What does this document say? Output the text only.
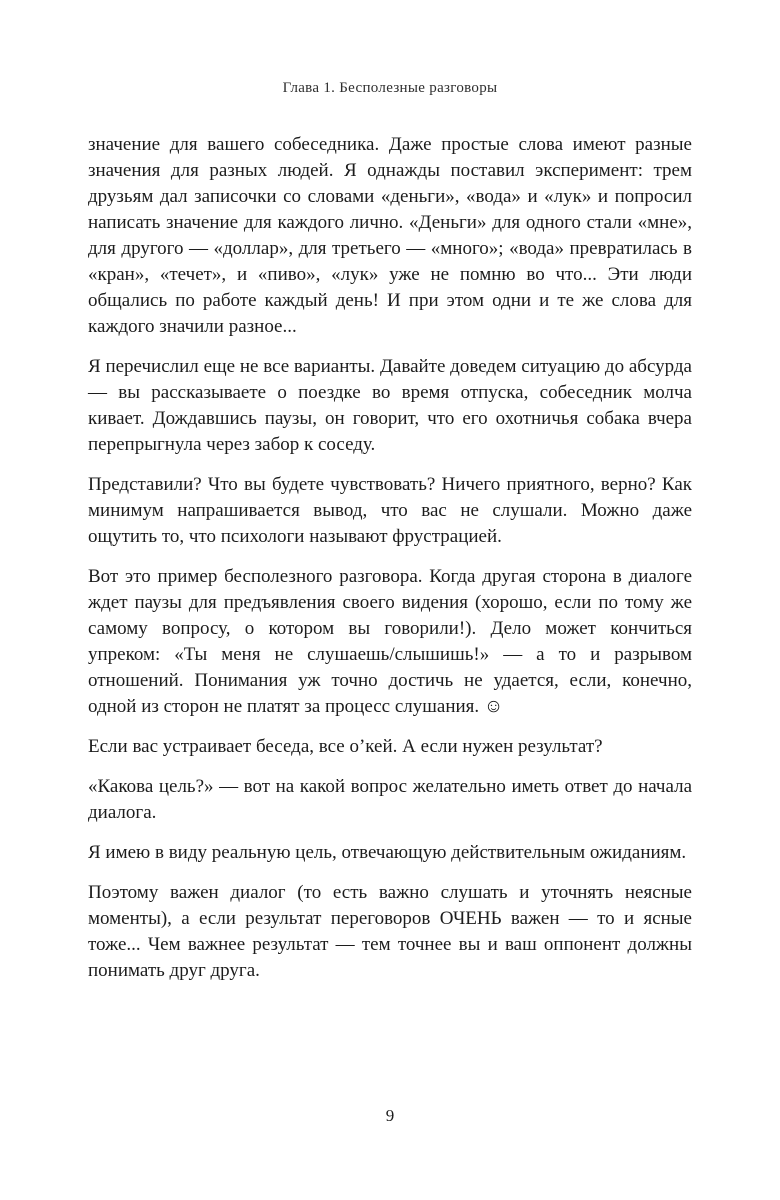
Глава 1. Бесполезные разговоры

значение для вашего собеседника. Даже простые слова имеют разные значения для разных людей. Я однажды поставил эксперимент: трем друзьям дал записочки со словами «деньги», «вода» и «лук» и попросил написать значение для каждого лично. «Деньги» для одного стали «мне», для другого — «доллар», для третьего — «много»; «вода» превратилась в «кран», «течет», и «пиво», «лук» уже не помню во что... Эти люди общались по работе каждый день! И при этом одни и те же слова для каждого значили разное...

Я перечислил еще не все варианты. Давайте доведем ситуацию до абсурда — вы рассказываете о поездке во время отпуска, собеседник молча кивает. Дождавшись паузы, он говорит, что его охотничья собака вчера перепрыгнула через забор к соседу.

Представили? Что вы будете чувствовать? Ничего приятного, верно? Как минимум напрашивается вывод, что вас не слушали. Можно даже ощутить то, что психологи называют фрустрацией.

Вот это пример бесполезного разговора. Когда другая сторона в диалоге ждет паузы для предъявления своего видения (хорошо, если по тому же самому вопросу, о котором вы говорили!). Дело может кончиться упреком: «Ты меня не слушаешь/слышишь!» — а то и разрывом отношений. Понимания уж точно достичь не удается, если, конечно, одной из сторон не платят за процесс слушания. ☺

Если вас устраивает беседа, все о’кей. А если нужен результат?

«Какова цель?» — вот на какой вопрос желательно иметь ответ до начала диалога.

Я имею в виду реальную цель, отвечающую действительным ожиданиям.

Поэтому важен диалог (то есть важно слушать и уточнять неясные моменты), а если результат переговоров ОЧЕНЬ важен — то и ясные тоже... Чем важнее результат — тем точнее вы и ваш оппонент должны понимать друг друга.

9
